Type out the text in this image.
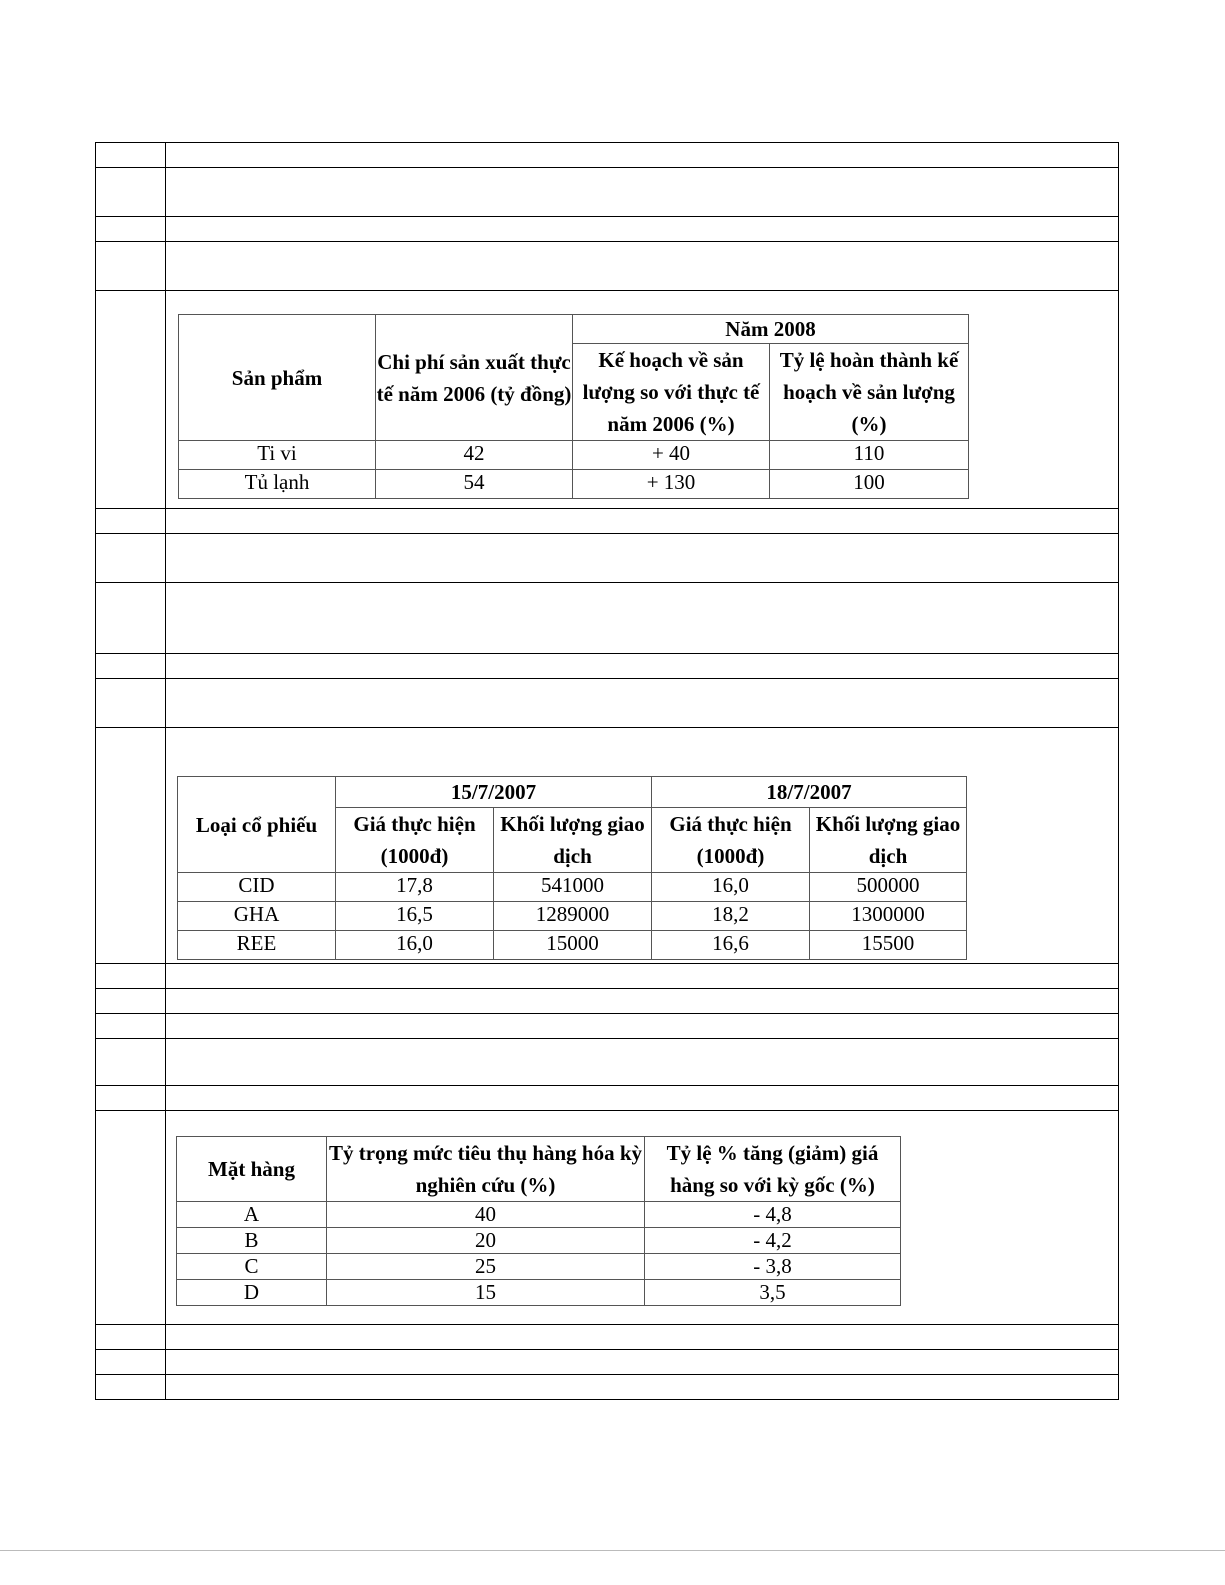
Sản phẩm	Chi phí sản xuất thực tế năm 2006 (tỷ đồng)	Năm 2008
Kế hoạch về sản lượng so với thực tế năm 2006 (%)	Tỷ lệ hoàn thành kế hoạch về sản lượng (%)
Ti vi	42	+ 40	110
Tủ lạnh	54	+ 130	100

Loại cổ phiếu	15/7/2007	18/7/2007
Giá thực hiện (1000đ)	Khối lượng giao dịch	Giá thực hiện (1000đ)	Khối lượng giao dịch
CID	17,8	541000	16,0	500000
GHA	16,5	1289000	18,2	1300000
REE	16,0	15000	16,6	15500

Mặt hàng	Tỷ trọng mức tiêu thụ hàng hóa kỳ nghiên cứu (%)	Tỷ lệ % tăng (giảm) giá hàng so với kỳ gốc (%)
A	40	- 4,8
B	20	- 4,2
C	25	- 3,8
D	15	3,5
